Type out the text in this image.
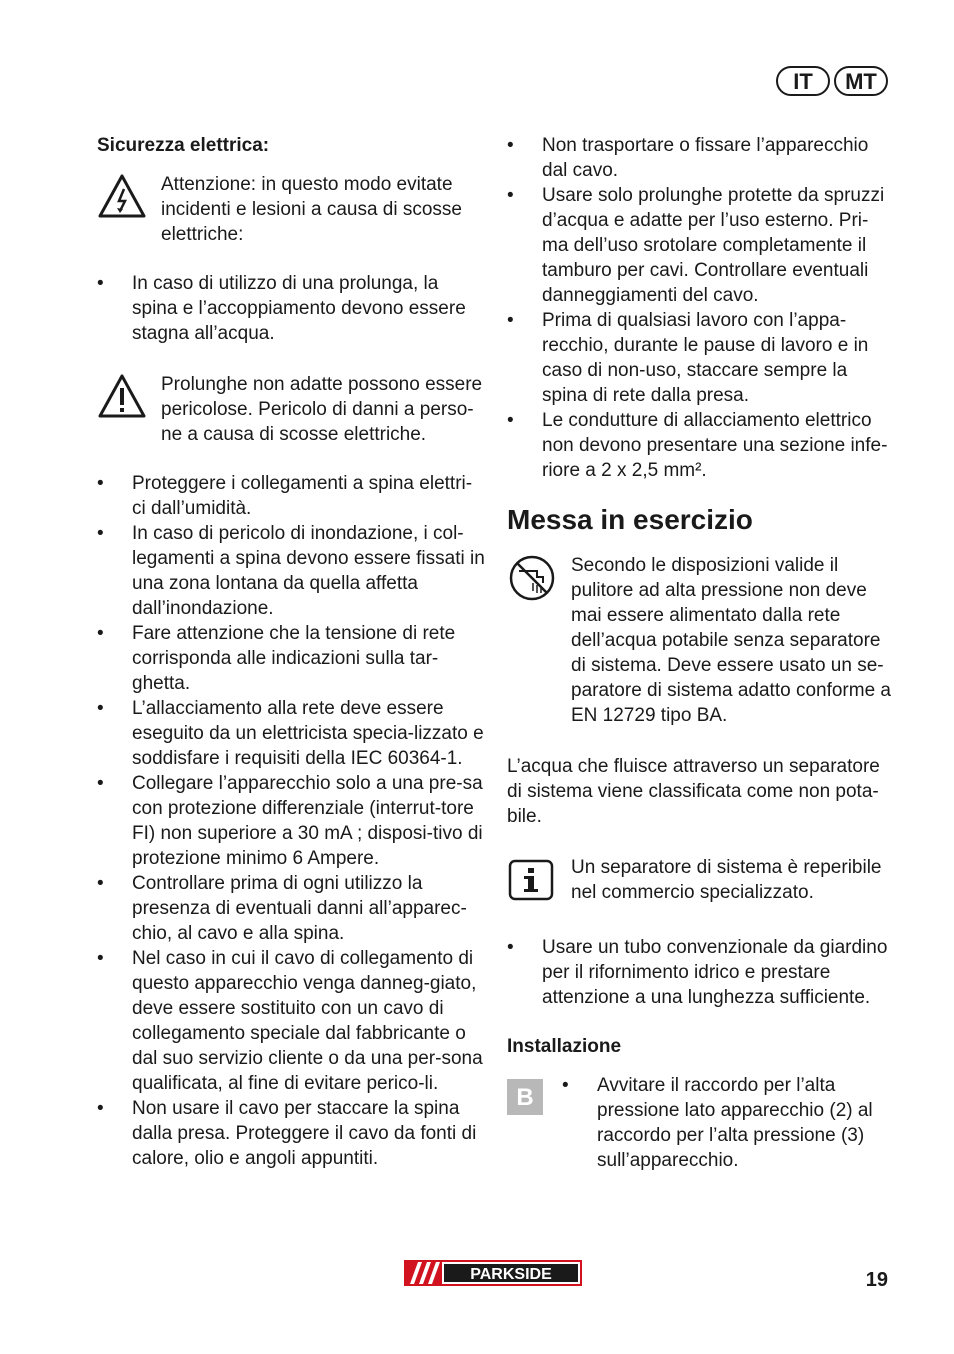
IT	MT
Sicurezza elettrica:

Attenzione: in questo modo evitate incidenti e lesioni a causa di scosse elettriche:

• In caso di utilizzo di una prolunga, la spina e l’accoppiamento devono essere stagna all’acqua.

Prolunghe non adatte possono essere pericolose. Pericolo di danni a perso-ne a causa di scosse elettriche.

• Proteggere i collegamenti a spina elettri-ci dall’umidità.
• In caso di pericolo di inondazione, i col-legamenti a spina devono essere fissati in una zona lontana da quella affetta dall’inondazione.
• Fare attenzione che la tensione di rete corrisponda alle indicazioni sulla tar-ghetta.
• L’allacciamento alla rete deve essere eseguito da un elettricista specia-lizzato e soddisfare i requisiti della IEC 60364-1.
• Collegare l’apparecchio solo a una pre-sa con protezione differenziale (interrut-tore FI) non superiore a 30 mA ; disposi-tivo di protezione minimo 6 Ampere.
• Controllare prima di ogni utilizzo la presenza di eventuali danni all’apparec-chio, al cavo e alla spina.
• Nel caso in cui il cavo di collegamento di questo apparecchio venga danneg-giato, deve essere sostituito con un cavo di collegamento speciale dal fabbricante o dal suo servizio cliente o da una per-sona qualificata, al fine di evitare perico-li.
• Non usare il cavo per staccare la spina dalla presa. Proteggere il cavo da fonti di calore, olio e angoli appuntiti.
• Non trasportare o fissare l’apparecchio dal cavo.
• Usare solo prolunghe protette da spruzzi d’acqua e adatte per l’uso esterno. Pri-ma dell’uso srotolare completamente il tamburo per cavi. Controllare eventuali danneggiamenti del cavo.
• Prima di qualsiasi lavoro con l’appa-recchio, durante le pause di lavoro e in caso di non-uso, staccare sempre la spina di rete dalla presa.
• Le condutture di allacciamento elettrico non devono presentare una sezione infe-riore a 2 x 2,5 mm².
Messa in esercizio

Secondo le disposizioni valide il pulitore ad alta pressione non deve mai essere alimentato dalla rete dell’acqua potabile senza separatore di sistema. Deve essere usato un se-paratore di sistema adatto conforme a EN 12729 tipo BA.

L’acqua che fluisce attraverso un separatore di sistema viene classificata come non pota-bile.

Un separatore di sistema è reperibile nel commercio specializzato.

• Usare un tubo convenzionale da giardino per il rifornimento idrico e prestare attenzione a una lunghezza sufficiente.
Installazione
B
•	Avvitare il raccordo per l’alta pressione lato apparecchio (2) al raccordo per l’alta pressione (3) sull’apparecchio.
PARKSIDE	19
